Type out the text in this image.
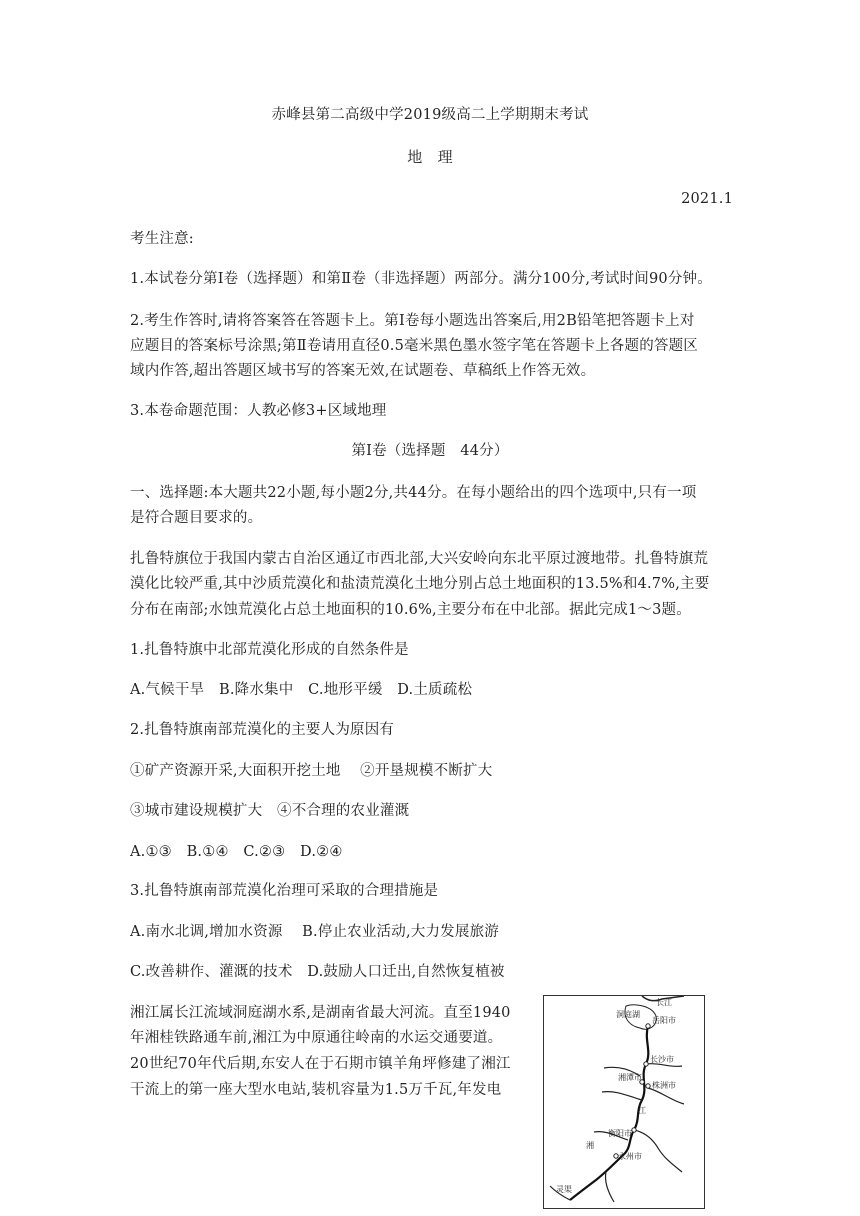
赤峰县第二高级中学2019级高二上学期期末考试
地　理
2021.1
考生注意:
1.本试卷分第Ⅰ卷（选择题）和第Ⅱ卷（非选择题）两部分。满分100分,考试时间90分钟。
2.考生作答时,请将答案答在答题卡上。第Ⅰ卷每小题选出答案后,用2B铅笔把答题卡上对
应题目的答案标号涂黑;第Ⅱ卷请用直径0.5毫米黑色墨水签字笔在答题卡上各题的答题区
域内作答,超出答题区域书写的答案无效,在试题卷、草稿纸上作答无效。
3.本卷命题范围：人教必修3+区域地理
第Ⅰ卷（选择题　44分）
一、选择题:本大题共22小题,每小题2分,共44分。在每小题给出的四个选项中,只有一项
是符合题目要求的。
扎鲁特旗位于我国内蒙古自治区通辽市西北部,大兴安岭向东北平原过渡地带。扎鲁特旗荒
漠化比较严重,其中沙质荒漠化和盐渍荒漠化土地分别占总土地面积的13.5%和4.7%,主要
分布在南部;水蚀荒漠化占总土地面积的10.6%,主要分布在中北部。据此完成1～3题。
1.扎鲁特旗中北部荒漠化形成的自然条件是
A.气候干旱　B.降水集中　C.地形平缓　D.土质疏松
2.扎鲁特旗南部荒漠化的主要人为原因有
①矿产资源开采,大面积开挖土地　 ②开垦规模不断扩大
③城市建设规模扩大　④不合理的农业灌溉
A.①③　B.①④　C.②③　D.②④
3.扎鲁特旗南部荒漠化治理可采取的合理措施是
A.南水北调,增加水资源　 B.停止农业活动,大力发展旅游
C.改善耕作、灌溉的技术　D.鼓励人口迁出,自然恢复植被
湘江属长江流域洞庭湖水系,是湖南省最大河流。直至1940
年湘桂铁路通车前,湘江为中原通往岭南的水运交通要道。
20世纪70年代后期,东安人在于石期市镇羊角坪修建了湘江
干流上的第一座大型水电站,装机容量为1.5万千瓦,年发电
长江
洞庭湖
岳阳市
长沙市
湘潭市
株洲市
江
衡阳市
湘
永州市
灵渠
